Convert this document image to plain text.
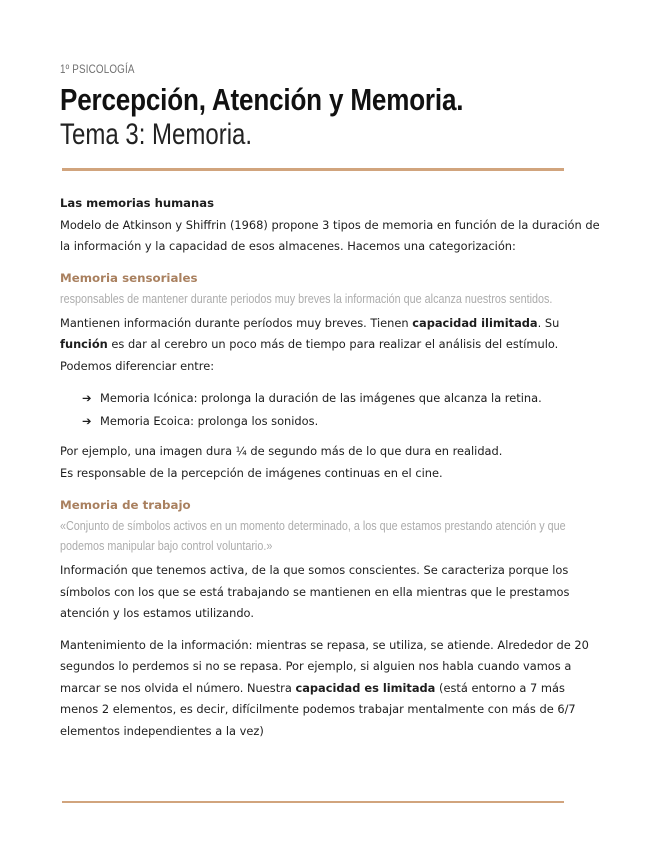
1º PSICOLOGÍA
Percepción, Atención y Memoria.
Tema 3: Memoria.

Las memorias humanas

Modelo de Atkinson y Shiffrin (1968) propone 3 tipos de memoria en función de la duración de la información y la capacidad de esos almacenes. Hacemos una categorización:

Memoria sensoriales

responsables de mantener durante periodos muy breves la información que alcanza nuestros sentidos.

Mantienen información durante períodos muy breves. Tienen capacidad ilimitada. Su función es dar al cerebro un poco más de tiempo para realizar el análisis del estímulo. Podemos diferenciar entre:

➔ Memoria Icónica: prolonga la duración de las imágenes que alcanza la retina.
➔ Memoria Ecoica: prolonga los sonidos.

Por ejemplo, una imagen dura ¼ de segundo más de lo que dura en realidad.

Es responsable de la percepción de imágenes continuas en el cine.

Memoria de trabajo

«Conjunto de símbolos activos en un momento determinado, a los que estamos prestando atención y que podemos manipular bajo control voluntario.»

Información que tenemos activa, de la que somos conscientes. Se caracteriza porque los símbolos con los que se está trabajando se mantienen en ella mientras que le prestamos atención y los estamos utilizando.

Mantenimiento de la información: mientras se repasa, se utiliza, se atiende. Alrededor de 20 segundos lo perdemos si no se repasa. Por ejemplo, si alguien nos habla cuando vamos a marcar se nos olvida el número. Nuestra capacidad es limitada (está entorno a 7 más menos 2 elementos, es decir, difícilmente podemos trabajar mentalmente con más de 6/7 elementos independientes a la vez)
